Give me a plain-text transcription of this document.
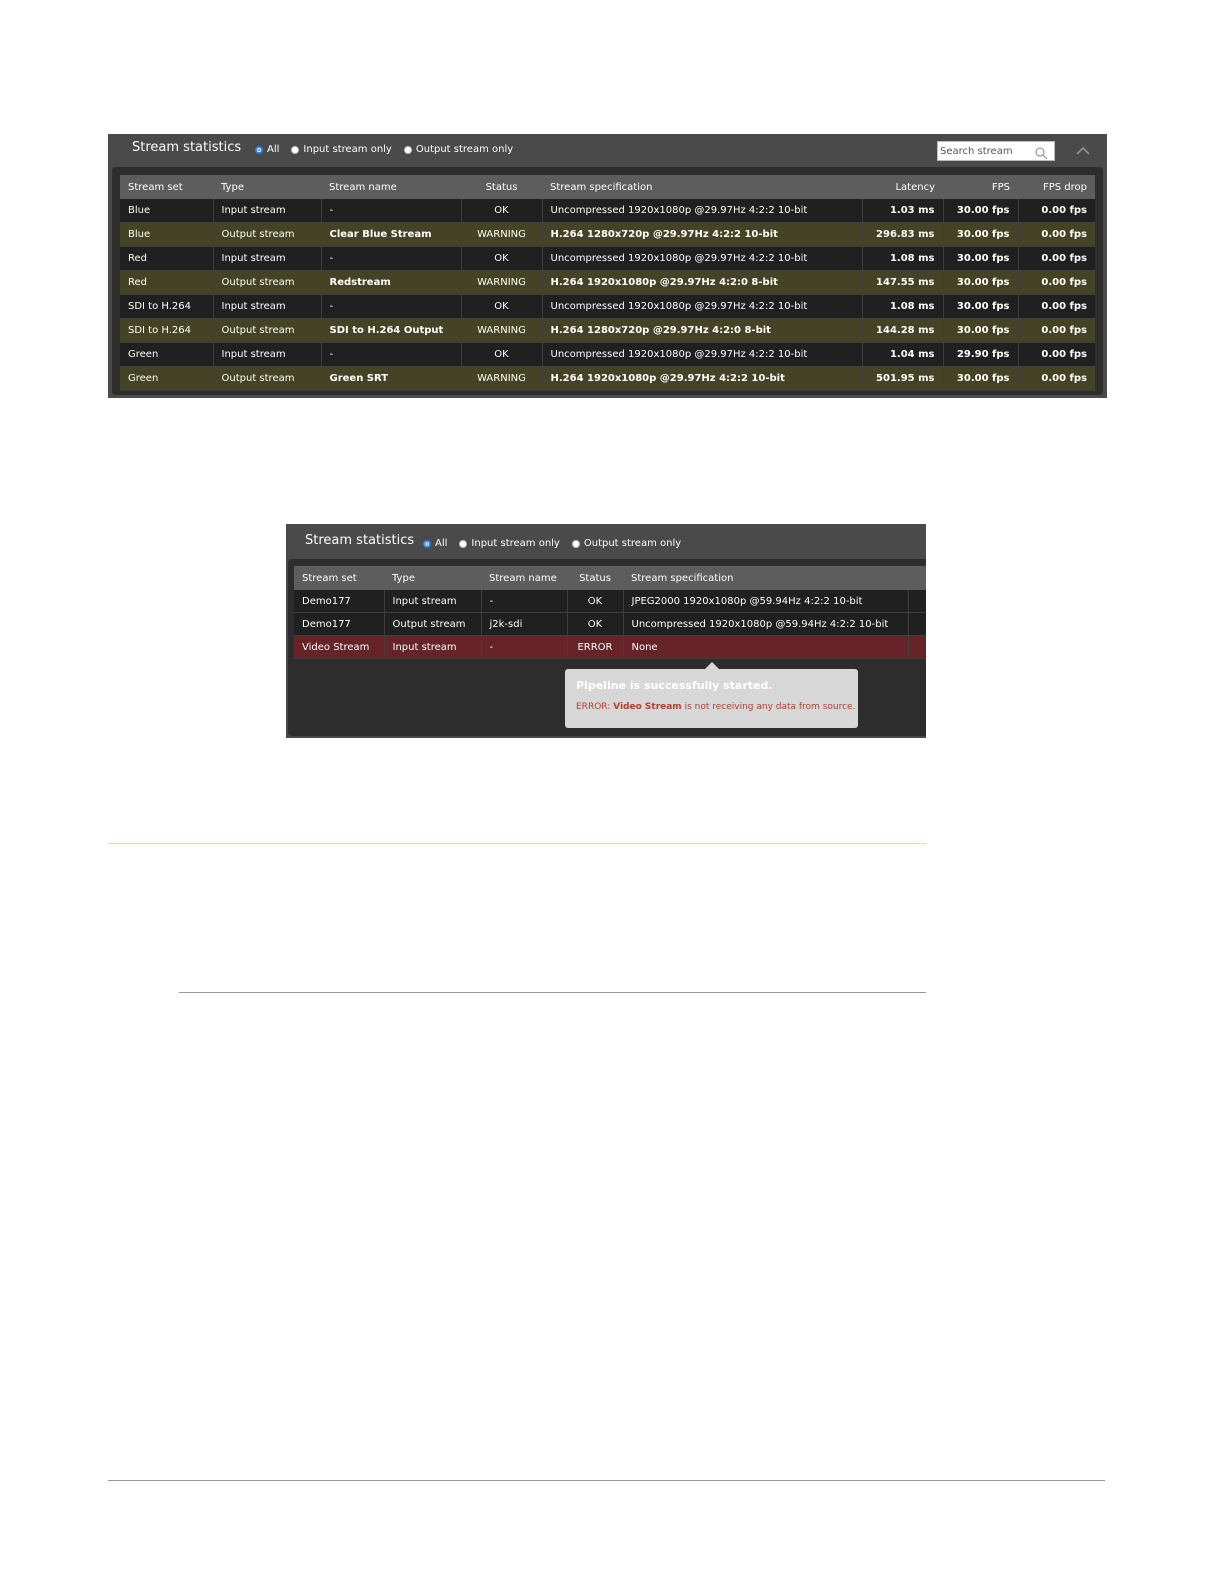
Stream statistics	All Input stream only Output stream only
Search stream
Stream set	Type	Stream name	Status	Stream specification	Latency	FPS	FPS drop
Blue	Input stream	-	OK	Uncompressed 1920x1080p @29.97Hz 4:2:2 10-bit	1.03 ms	30.00 fps	0.00 fps
Blue	Output stream	Clear Blue Stream	WARNING	H.264 1280x720p @29.97Hz 4:2:2 10-bit	296.83 ms	30.00 fps	0.00 fps
Red	Input stream	-	OK	Uncompressed 1920x1080p @29.97Hz 4:2:2 10-bit	1.08 ms	30.00 fps	0.00 fps
Red	Output stream	Redstream	WARNING	H.264 1920x1080p @29.97Hz 4:2:0 8-bit	147.55 ms	30.00 fps	0.00 fps
SDI to H.264	Input stream	-	OK	Uncompressed 1920x1080p @29.97Hz 4:2:2 10-bit	1.08 ms	30.00 fps	0.00 fps
SDI to H.264	Output stream	SDI to H.264 Output	WARNING	H.264 1280x720p @29.97Hz 4:2:0 8-bit	144.28 ms	30.00 fps	0.00 fps
Green	Input stream	-	OK	Uncompressed 1920x1080p @29.97Hz 4:2:2 10-bit	1.04 ms	29.90 fps	0.00 fps
Green	Output stream	Green SRT	WARNING	H.264 1920x1080p @29.97Hz 4:2:2 10-bit	501.95 ms	30.00 fps	0.00 fps
Stream statistics All Input stream only Output stream only
Stream set	Type	Stream name	Status	Stream specification	
Demo177	Input stream	-	OK	JPEG2000 1920x1080p @59.94Hz 4:2:2 10-bit	
Demo177	Output stream	j2k-sdi	OK	Uncompressed 1920x1080p @59.94Hz 4:2:2 10-bit	
Video Stream	Input stream	-	ERROR	None	
Pipeline is successfully started.
ERROR: Video Stream is not receiving any data from source.
